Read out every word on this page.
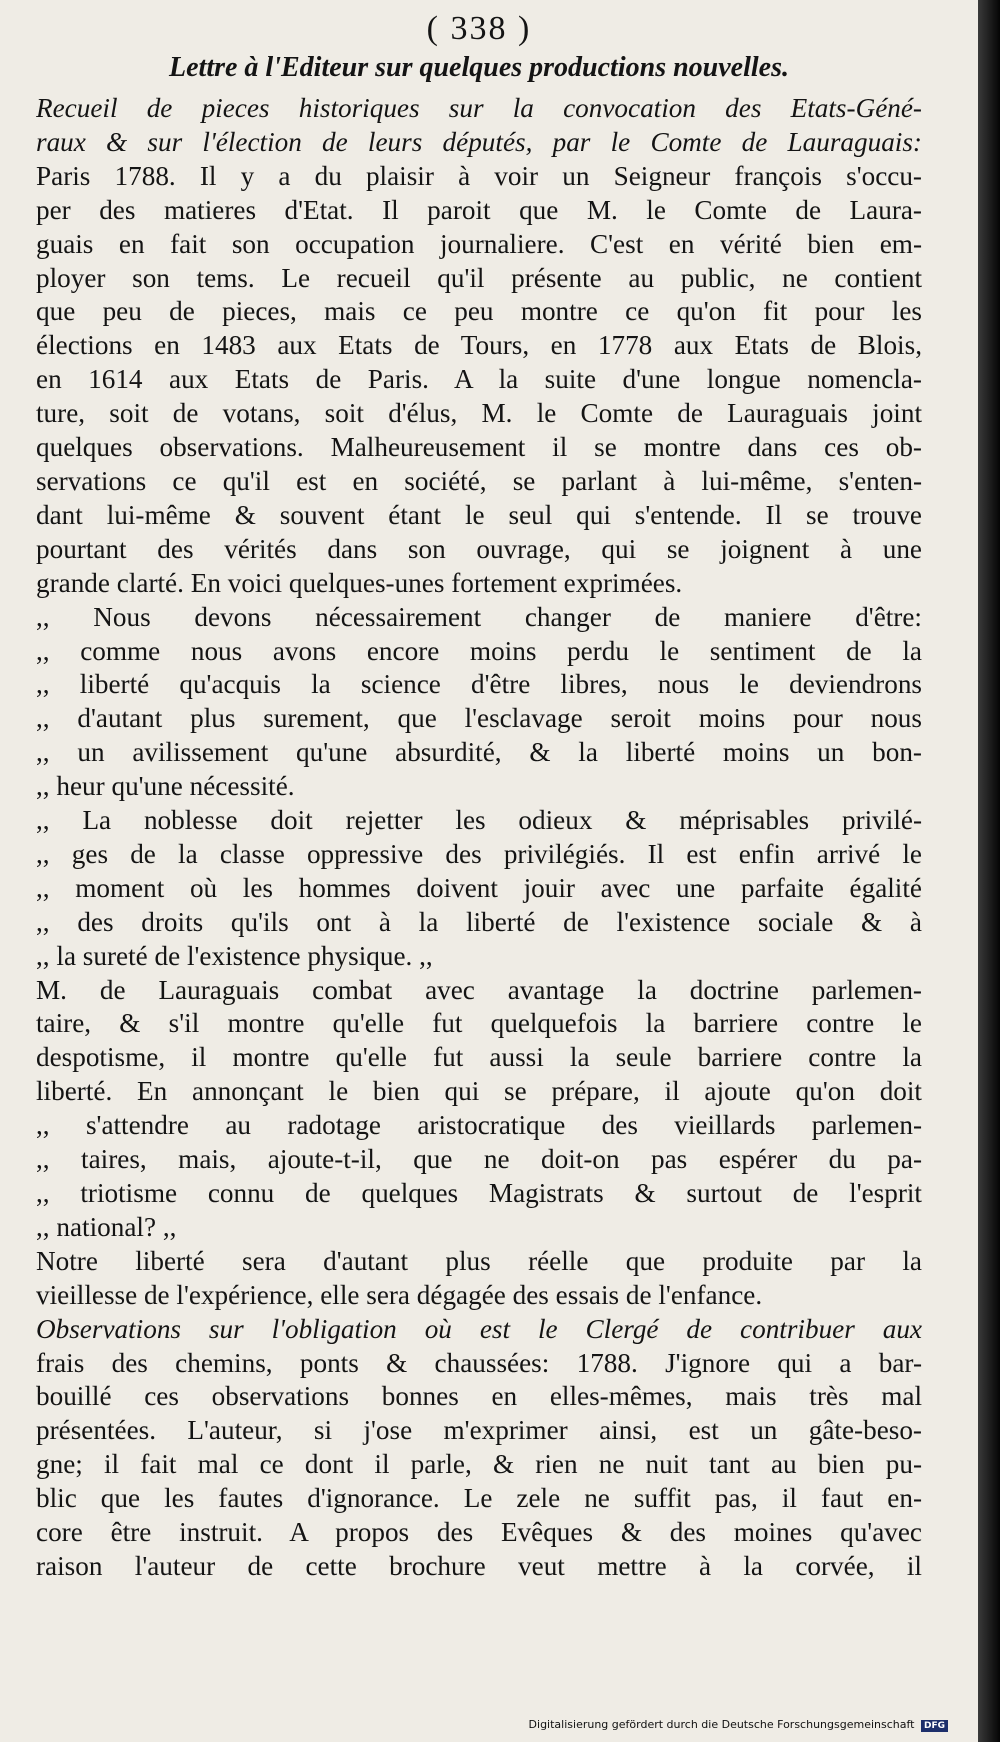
( 338 )
Lettre à l'Editeur sur quelques productions nouvelles.
Recueil de pieces historiques sur la convocation des Etats-Géné-
raux & sur l'élection de leurs députés, par le Comte de Lauraguais:
Paris 1788. Il y a du plaisir à voir un Seigneur françois s'occu-
per des matieres d'Etat. Il paroit que M. le Comte de Laura-
guais en fait son occupation journaliere. C'est en vérité bien em-
ployer son tems. Le recueil qu'il présente au public, ne contient
que peu de pieces, mais ce peu montre ce qu'on fit pour les
élections en 1483 aux Etats de Tours, en 1778 aux Etats de Blois,
en 1614 aux Etats de Paris. A la suite d'une longue nomencla-
ture, soit de votans, soit d'élus, M. le Comte de Lauraguais joint
quelques observations. Malheureusement il se montre dans ces ob-
servations ce qu'il est en société, se parlant à lui-même, s'enten-
dant lui-même & souvent étant le seul qui s'entende. Il se trouve
pourtant des vérités dans son ouvrage, qui se joignent à une
grande clarté. En voici quelques-unes fortement exprimées.
,, Nous devons nécessairement changer de maniere d'être:
,, comme nous avons encore moins perdu le sentiment de la
,, liberté qu'acquis la science d'être libres, nous le deviendrons
,, d'autant plus surement, que l'esclavage seroit moins pour nous
,, un avilissement qu'une absurdité, & la liberté moins un bon-
,, heur qu'une nécessité.
,, La noblesse doit rejetter les odieux & méprisables privilé-
,, ges de la classe oppressive des privilégiés. Il est enfin arrivé le
,, moment où les hommes doivent jouir avec une parfaite égalité
,, des droits qu'ils ont à la liberté de l'existence sociale & à
,, la sureté de l'existence physique. ,,
M. de Lauraguais combat avec avantage la doctrine parlemen-
taire, & s'il montre qu'elle fut quelquefois la barriere contre le
despotisme, il montre qu'elle fut aussi la seule barriere contre la
liberté. En annonçant le bien qui se prépare, il ajoute qu'on doit
,, s'attendre au radotage aristocratique des vieillards parlemen-
,, taires, mais, ajoute-t-il, que ne doit-on pas espérer du pa-
,, triotisme connu de quelques Magistrats & surtout de l'esprit
,, national? ,,
Notre liberté sera d'autant plus réelle que produite par la
vieillesse de l'expérience, elle sera dégagée des essais de l'enfance.
Observations sur l'obligation où est le Clergé de contribuer aux
frais des chemins, ponts & chaussées: 1788. J'ignore qui a bar-
bouillé ces observations bonnes en elles-mêmes, mais très mal
présentées. L'auteur, si j'ose m'exprimer ainsi, est un gâte-beso-
gne; il fait mal ce dont il parle, & rien ne nuit tant au bien pu-
blic que les fautes d'ignorance. Le zele ne suffit pas, il faut en-
core être instruit. A propos des Evêques & des moines qu'avec
raison l'auteur de cette brochure veut mettre à la corvée, il
Digitalisierung gefördert durch die Deutsche Forschungsgemeinschaft DFG
